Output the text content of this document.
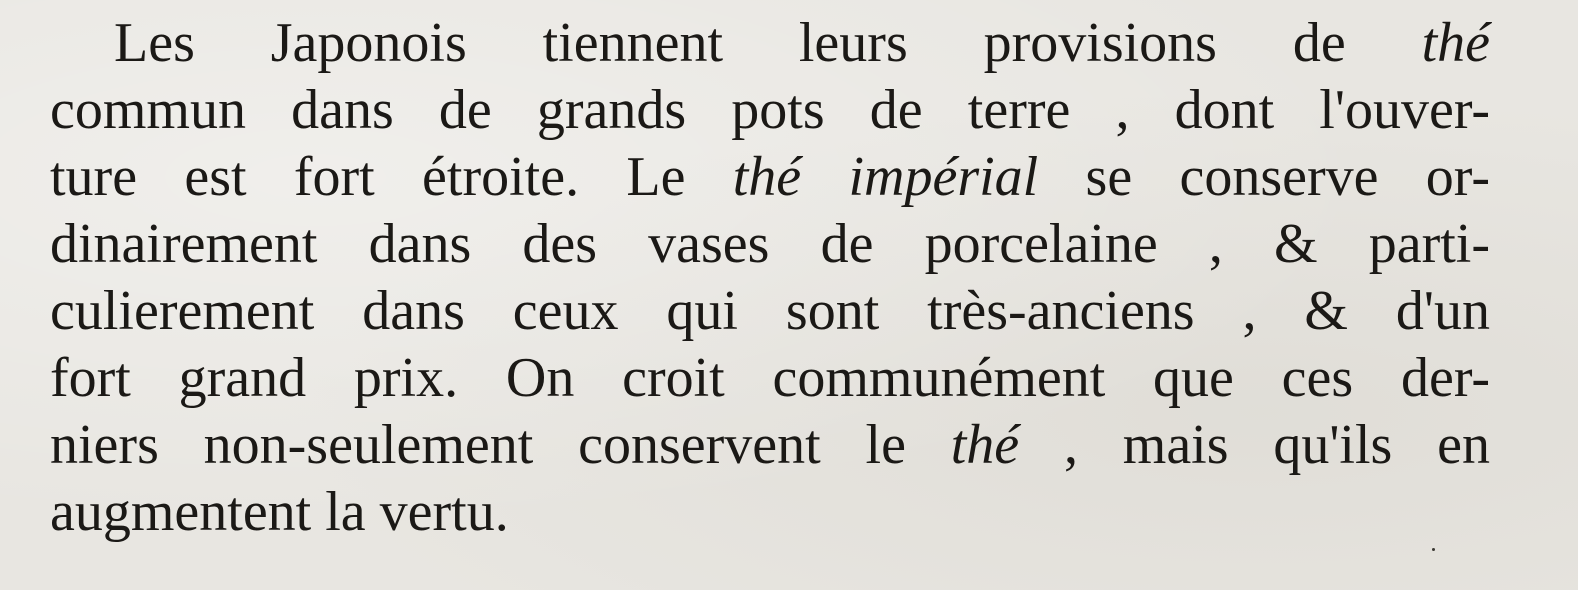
Les Japonois tiennent leurs provisions de thé
commun dans de grands pots de terre , dont l'ouver-
ture est fort étroite. Le thé impérial se conserve or-
dinairement dans des vases de porcelaine , & parti-
culierement dans ceux qui sont très-anciens , & d'un
fort grand prix. On croit communément que ces der-
niers non-seulement conservent le thé , mais qu'ils en
augmentent la vertu.
